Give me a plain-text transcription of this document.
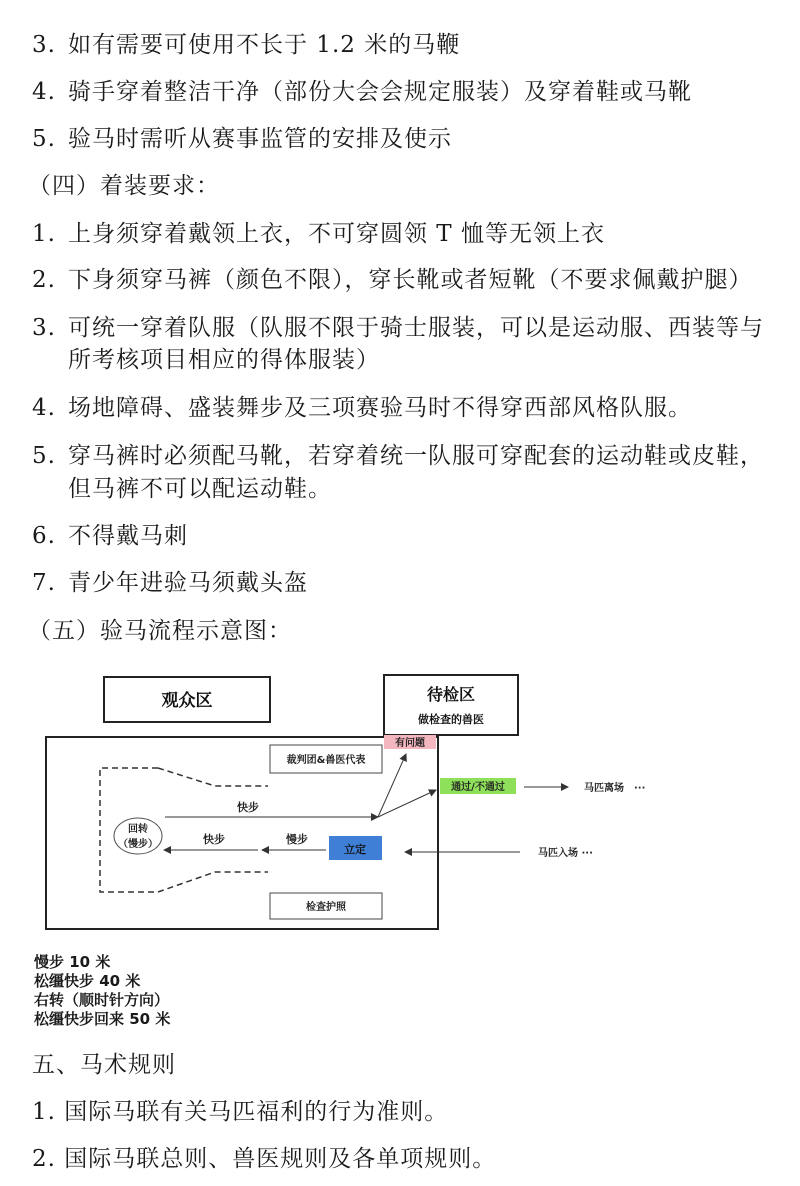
3. 如有需要可使用不长于 1.2 米的马鞭
4. 骑手穿着整洁干净（部份大会会规定服装）及穿着鞋或马靴
5. 验马时需听从赛事监管的安排及使示
（四）着装要求：
1. 上身须穿着戴领上衣，不可穿圆领 T 恤等无领上衣
2. 下身须穿马裤（颜色不限），穿长靴或者短靴（不要求佩戴护腿）
3. 可统一穿着队服（队服不限于骑士服装，可以是运动服、西装等与
所考核项目相应的得体服装）
4. 场地障碍、盛装舞步及三项赛验马时不得穿西部风格队服。
5. 穿马裤时必须配马靴，若穿着统一队服可穿配套的运动鞋或皮鞋，
但马裤不可以配运动鞋。
6. 不得戴马刺
7. 青少年进验马须戴头盔
（五）验马流程示意图：
观众区	待检区
做检查的兽医
有问题
裁判团&兽医代表
回转
（慢步）
快步
通过/不通过	马匹离场　···
马匹入场 ···
立定
慢步
快步
检查护照
慢步 10 米
松缰快步 40 米
右转（顺时针方向）
松缰快步回来 50 米
五、马术规则
1. 国际马联有关马匹福利的行为准则。
2. 国际马联总则、兽医规则及各单项规则。
